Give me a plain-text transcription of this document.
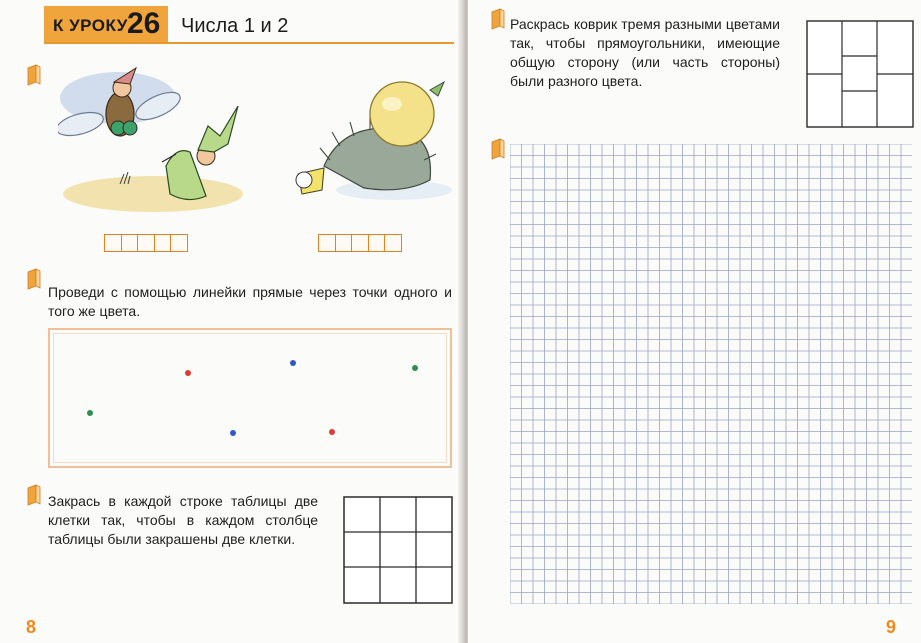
К УРОКУ 26 Числа 1 и 2
Проведи с помощью линейки прямые через точки одного и того же цвета.
Закрась в каждой строке таблицы две клетки так, чтобы в каждом столбце таблицы были закрашены две клетки.
8
Раскрась коврик тремя разными цветами так, чтобы прямоугольники, имеющие общую сторону (или часть стороны) были разного цвета.
9
